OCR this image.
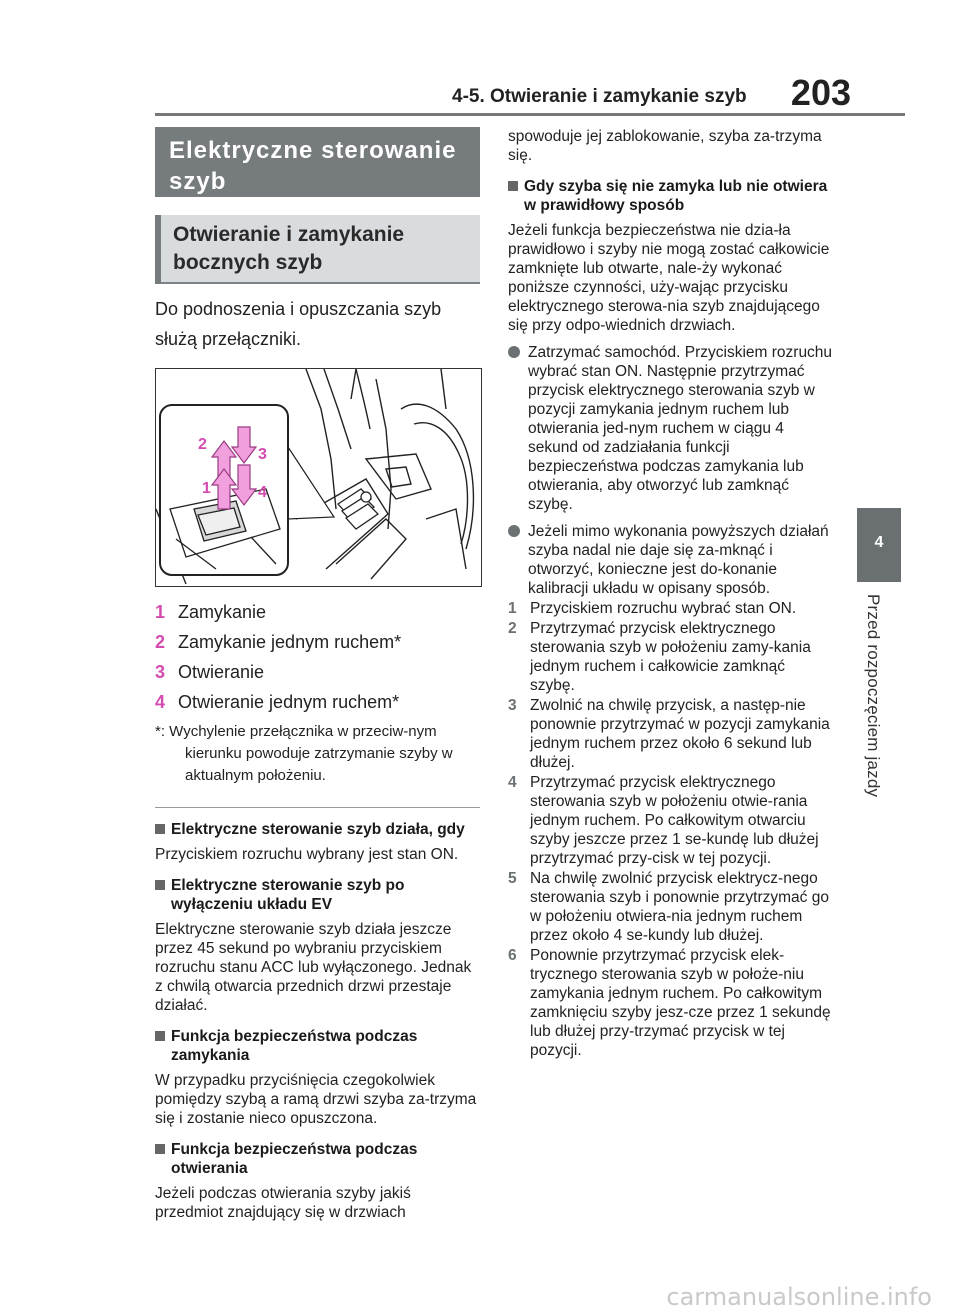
4-5. Otwieranie i zamykanie szyb 203
4
Przed rozpoczęciem jazdy
Elektryczne sterowanie szyb
Otwieranie i zamykanie bocznych szyb
Do podnoszenia i opuszczania szyb służą przełączniki.
2
1
3
4
1 Zamykanie
2 Zamykanie jednym ruchem*
3 Otwieranie
4 Otwieranie jednym ruchem*
*: Wychylenie przełącznika w przeciw-nym kierunku powoduje zatrzymanie szyby w aktualnym położeniu.
Elektryczne sterowanie szyb działa, gdy
Przyciskiem rozruchu wybrany jest stan ON.
Elektryczne sterowanie szyb po wyłączeniu układu EV
Elektryczne sterowanie szyb działa jeszcze przez 45 sekund po wybraniu przyciskiem rozruchu stanu ACC lub wyłączonego. Jednak z chwilą otwarcia przednich drzwi przestaje działać.
Funkcja bezpieczeństwa podczas zamykania
W przypadku przyciśnięcia czegokolwiek pomiędzy szybą a ramą drzwi szyba za-trzyma się i zostanie nieco opuszczona.
Funkcja bezpieczeństwa podczas otwierania
Jeżeli podczas otwierania szyby jakiś przedmiot znajdujący się w drzwiach
spowoduje jej zablokowanie, szyba za-trzyma się.
Gdy szyba się nie zamyka lub nie otwiera w prawidłowy sposób
Jeżeli funkcja bezpieczeństwa nie dzia-ła prawidłowo i szyby nie mogą zostać całkowicie zamknięte lub otwarte, nale-ży wykonać poniższe czynności, uży-wając przycisku elektrycznego sterowa-nia szyb znajdującego się przy odpo-wiednich drzwiach.
Zatrzymać samochód. Przyciskiem rozruchu wybrać stan ON. Następnie przytrzymać przycisk elektrycznego sterowania szyb w pozycji zamykania jednym ruchem lub otwierania jed-nym ruchem w ciągu 4 sekund od zadziałania funkcji bezpieczeństwa podczas zamykania lub otwierania, aby otworzyć lub zamknąć szybę.
Jeżeli mimo wykonania powyższych działań szyba nadal nie daje się za-mknąć i otworzyć, konieczne jest do-konanie kalibracji układu w opisany sposób.
1 Przyciskiem rozruchu wybrać stan ON.
2 Przytrzymać przycisk elektrycznego sterowania szyb w położeniu zamy-kania jednym ruchem i całkowicie zamknąć szybę.
3 Zwolnić na chwilę przycisk, a następ-nie ponownie przytrzymać w pozycji zamykania jednym ruchem przez około 6 sekund lub dłużej.
4 Przytrzymać przycisk elektrycznego sterowania szyb w położeniu otwie-rania jednym ruchem. Po całkowitym otwarciu szyby jeszcze przez 1 se-kundę lub dłużej przytrzymać przy-cisk w tej pozycji.
5 Na chwilę zwolnić przycisk elektrycz-nego sterowania szyb i ponownie przytrzymać go w położeniu otwiera-nia jednym ruchem przez około 4 se-kundy lub dłużej.
6 Ponownie przytrzymać przycisk elek-trycznego sterowania szyb w położe-niu zamykania jednym ruchem. Po całkowitym zamknięciu szyby jesz-cze przez 1 sekundę lub dłużej przy-trzymać przycisk w tej pozycji.
carmanualsonline.info
